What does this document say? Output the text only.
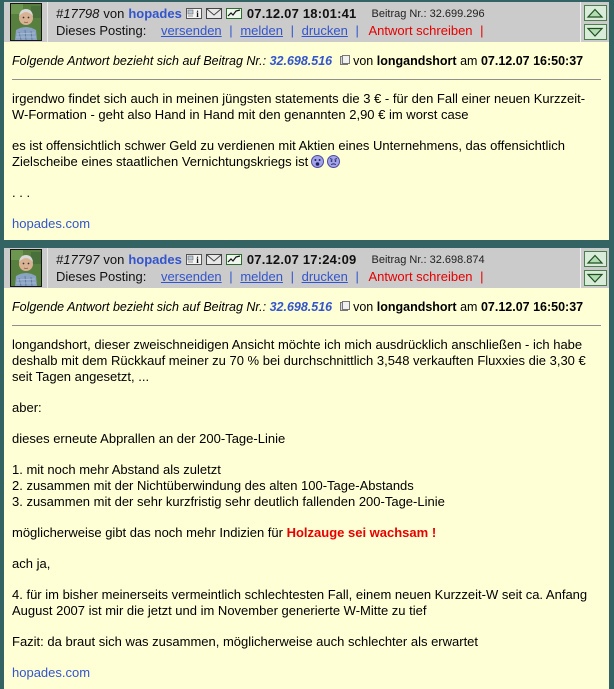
#17798 von hopades	07.12.07 18:01:41 Beitrag Nr.: 32.699.296
Dieses Posting: versenden | melden | drucken | Antwort schreiben |
Folgende Antwort bezieht sich auf Beitrag Nr.: 32.698.516 von longandshort am 07.12.07 16:50:37

irgendwo findet sich auch in meinen jüngsten statements die 3 € - für den Fall einer neuen Kurzzeit-W-Formation - geht also Hand in Hand mit den genannten 2,90 € im worst case

es ist offensichtlich schwer Geld zu verdienen mit Aktien eines Unternehmens, das offensichtlich Zielscheibe eines staatlichen Vernichtungskriegs ist

. . .

hopades.com
#17797 von hopades	07.12.07 17:24:09 Beitrag Nr.: 32.698.874
Dieses Posting: versenden | melden | drucken | Antwort schreiben |
Folgende Antwort bezieht sich auf Beitrag Nr.: 32.698.516 von longandshort am 07.12.07 16:50:37

longandshort, dieser zweischneidigen Ansicht möchte ich mich ausdrücklich anschließen - ich habe deshalb mit dem Rückkauf meiner zu 70 % bei durchschnittlich 3,548 verkauften Fluxxies die 3,30 € seit Tagen angesetzt, ...

aber:

dieses erneute Abprallen an der 200-Tage-Linie

1. mit noch mehr Abstand als zuletzt
2. zusammen mit der Nichtüberwindung des alten 100-Tage-Abstands
3. zusammen mit der sehr kurzfristig sehr deutlich fallenden 200-Tage-Linie

möglicherweise gibt das noch mehr Indizien für Holzauge sei wachsam !

ach ja,

4. für im bisher meinerseits vermeintlich schlechtesten Fall, einem neuen Kurzzeit-W seit ca. Anfang August 2007 ist mir die jetzt und im November generierte W-Mitte zu tief

Fazit: da braut sich was zusammen, möglicherweise auch schlechter als erwartet

hopades.com
